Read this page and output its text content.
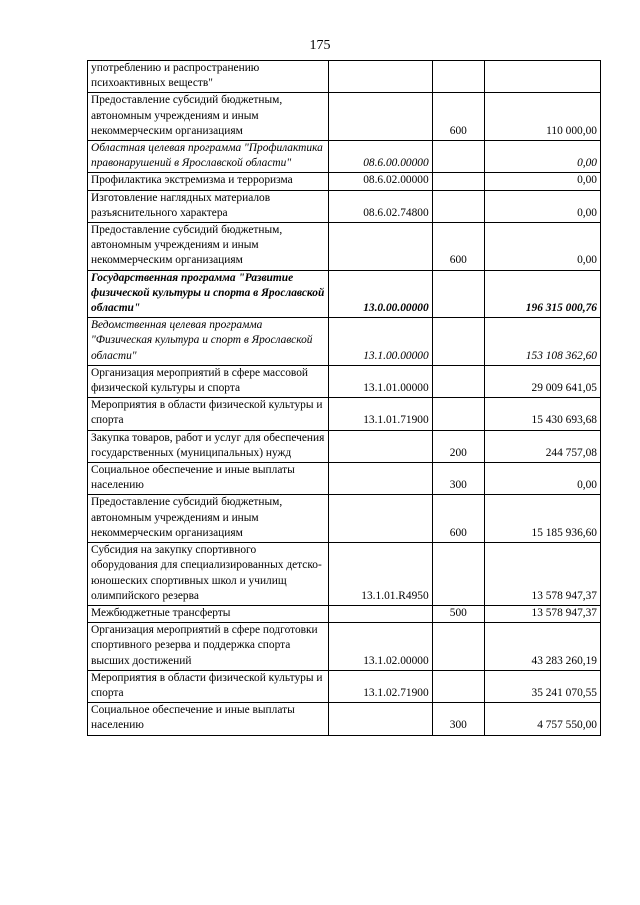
175
употреблению и распространению психоактивных веществ"			
Предоставление субсидий бюджетным, автономным учреждениям и иным некоммерческим организациям		600	110 000,00
Областная целевая программа "Профилактика правонарушений в Ярославской области"	08.6.00.00000		0,00
Профилактика экстремизма и терроризма	08.6.02.00000		0,00
Изготовление наглядных материалов разъяснительного характера	08.6.02.74800		0,00
Предоставление субсидий бюджетным, автономным учреждениям и иным некоммерческим организациям		600	0,00
Государственная программа "Развитие физической культуры и спорта в Ярославской области"	13.0.00.00000		196 315 000,76
Ведомственная целевая программа "Физическая культура и спорт в Ярославской области"	13.1.00.00000		153 108 362,60
Организация мероприятий в сфере массовой физической культуры и спорта	13.1.01.00000		29 009 641,05
Мероприятия в области физической культуры и спорта	13.1.01.71900		15 430 693,68
Закупка товаров, работ и услуг для обеспечения государственных (муниципальных) нужд		200	244 757,08
Социальное обеспечение и иные выплаты населению		300	0,00
Предоставление субсидий бюджетным, автономным учреждениям и иным некоммерческим организациям		600	15 185 936,60
Субсидия на закупку спортивного оборудования для специализированных детско-юношеских спортивных школ и училищ олимпийского резерва	13.1.01.R4950		13 578 947,37
Межбюджетные трансферты		500	13 578 947,37
Организация мероприятий в сфере подготовки спортивного резерва и поддержка спорта высших достижений	13.1.02.00000		43 283 260,19
Мероприятия в области физической культуры и спорта	13.1.02.71900		35 241 070,55
Социальное обеспечение и иные выплаты населению		300	4 757 550,00
